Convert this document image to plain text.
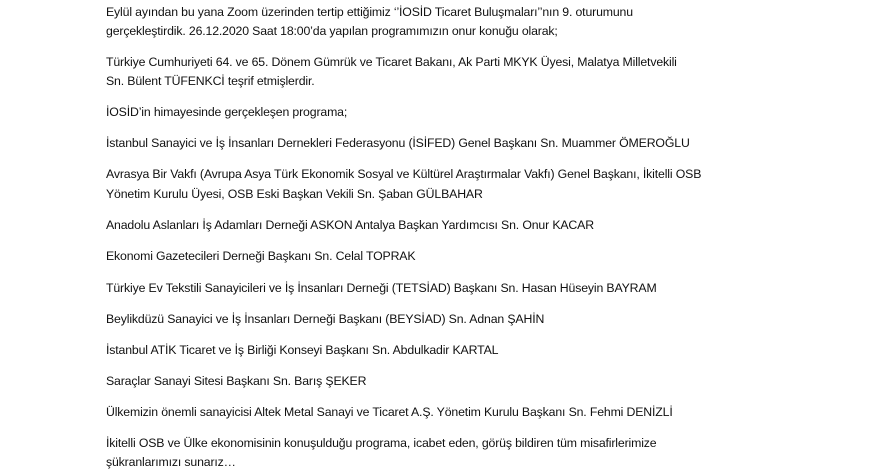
Eylül ayından bu yana Zoom üzerinden tertip ettiğimiz ‘’İOSİD Ticaret Buluşmaları’’nın 9. oturumunu
gerçekleştirdik. 26.12.2020 Saat 18:00’da yapılan programımızın onur konuğu olarak;
Türkiye Cumhuriyeti 64. ve 65. Dönem Gümrük ve Ticaret Bakanı, Ak Parti MKYK Üyesi, Malatya Milletvekili
Sn. Bülent TÜFENKCİ teşrif etmişlerdir.
İOSİD’in himayesinde gerçekleşen programa;
İstanbul Sanayici ve İş İnsanları Dernekleri Federasyonu (İSİFED) Genel Başkanı Sn. Muammer ÖMEROĞLU
Avrasya Bir Vakfı (Avrupa Asya Türk Ekonomik Sosyal ve Kültürel Araştırmalar Vakfı) Genel Başkanı, İkitelli OSB
Yönetim Kurulu Üyesi, OSB Eski Başkan Vekili Sn. Şaban GÜLBAHAR
Anadolu Aslanları İş Adamları Derneği ASKON Antalya Başkan Yardımcısı Sn. Onur KACAR
Ekonomi Gazetecileri Derneği Başkanı Sn. Celal TOPRAK
Türkiye Ev Tekstili Sanayicileri ve İş İnsanları Derneği (TETSİAD) Başkanı Sn. Hasan Hüseyin BAYRAM
Beylikdüzü Sanayici ve İş İnsanları Derneği Başkanı (BEYSİAD) Sn. Adnan ŞAHİN
İstanbul ATİK Ticaret ve İş Birliği Konseyi Başkanı Sn. Abdulkadir KARTAL
Saraçlar Sanayi Sitesi Başkanı Sn. Barış ŞEKER
Ülkemizin önemli sanayicisi Altek Metal Sanayi ve Ticaret A.Ş. Yönetim Kurulu Başkanı Sn. Fehmi DENİZLİ
İkitelli OSB ve Ülke ekonomisinin konuşulduğu programa, icabet eden, görüş bildiren tüm misafirlerimize
şükranlarımızı sunarız…
